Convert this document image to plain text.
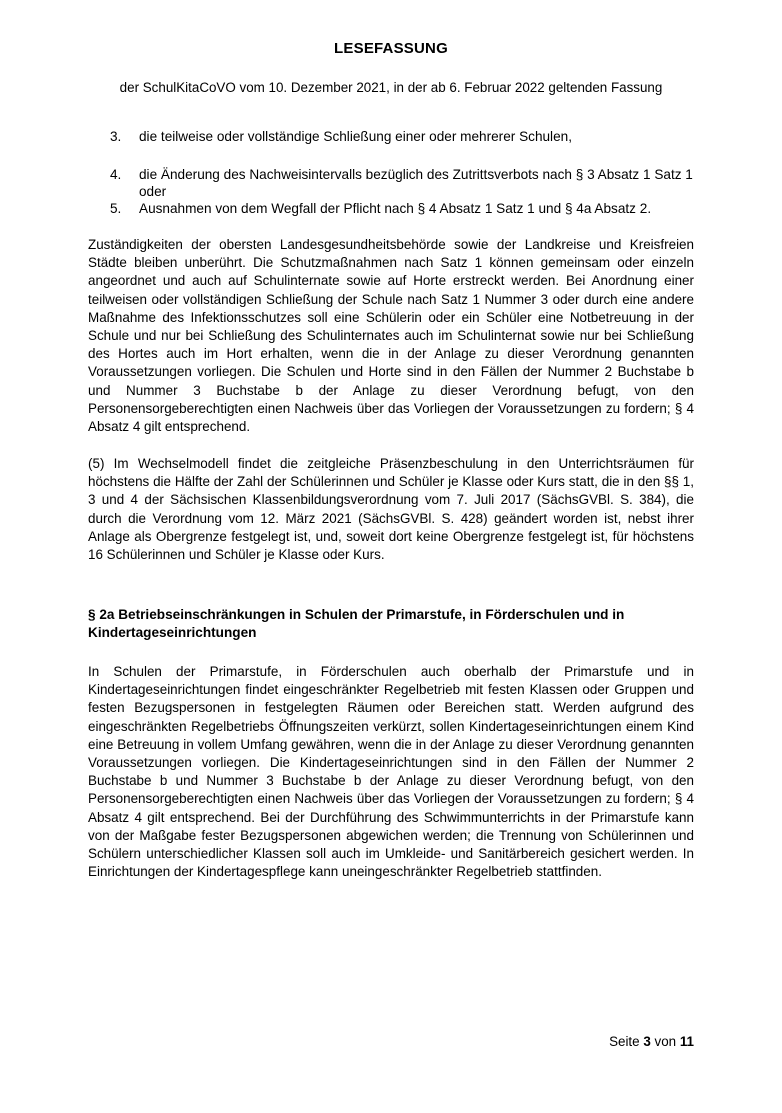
LESEFASSUNG
der SchulKitaCoVO vom 10. Dezember 2021, in der ab 6. Februar 2022 geltenden Fassung
3. die teilweise oder vollständige Schließung einer oder mehrerer Schulen,
4. die Änderung des Nachweisintervalls bezüglich des Zutrittsverbots nach § 3 Absatz 1 Satz 1 oder
5. Ausnahmen von dem Wegfall der Pflicht nach § 4 Absatz 1 Satz 1 und § 4a Absatz 2.

Zuständigkeiten der obersten Landesgesundheitsbehörde sowie der Landkreise und Kreisfreien Städte bleiben unberührt. Die Schutzmaßnahmen nach Satz 1 können gemeinsam oder einzeln angeordnet und auch auf Schulinternate sowie auf Horte erstreckt werden. Bei Anordnung einer teilweisen oder vollständigen Schließung der Schule nach Satz 1 Nummer 3 oder durch eine andere Maßnahme des Infektionsschutzes soll eine Schülerin oder ein Schüler eine Notbetreuung in der Schule und nur bei Schließung des Schulinternates auch im Schulinternat sowie nur bei Schließung des Hortes auch im Hort erhalten, wenn die in der Anlage zu dieser Verordnung genannten Voraussetzungen vorliegen. Die Schulen und Horte sind in den Fällen der Nummer 2 Buchstabe b und Nummer 3 Buchstabe b der Anlage zu dieser Verordnung befugt, von den Personensorgeberechtigten einen Nachweis über das Vorliegen der Voraussetzungen zu fordern; § 4 Absatz 4 gilt entsprechend.

(5) Im Wechselmodell findet die zeitgleiche Präsenzbeschulung in den Unterrichtsräumen für höchstens die Hälfte der Zahl der Schülerinnen und Schüler je Klasse oder Kurs statt, die in den §§ 1, 3 und 4 der Sächsischen Klassenbildungsverordnung vom 7. Juli 2017 (SächsGVBl. S. 384), die durch die Verordnung vom 12. März 2021 (SächsGVBl. S. 428) geändert worden ist, nebst ihrer Anlage als Obergrenze festgelegt ist, und, soweit dort keine Obergrenze festgelegt ist, für höchstens 16 Schülerinnen und Schüler je Klasse oder Kurs.

§ 2a Betriebseinschränkungen in Schulen der Primarstufe, in Förderschulen und in Kindertageseinrichtungen

In Schulen der Primarstufe, in Förderschulen auch oberhalb der Primarstufe und in Kindertageseinrichtungen findet eingeschränkter Regelbetrieb mit festen Klassen oder Gruppen und festen Bezugspersonen in festgelegten Räumen oder Bereichen statt. Werden aufgrund des eingeschränkten Regelbetriebs Öffnungszeiten verkürzt, sollen Kindertageseinrichtungen einem Kind eine Betreuung in vollem Umfang gewähren, wenn die in der Anlage zu dieser Verordnung genannten Voraussetzungen vorliegen. Die Kindertageseinrichtungen sind in den Fällen der Nummer 2 Buchstabe b und Nummer 3 Buchstabe b der Anlage zu dieser Verordnung befugt, von den Personensorgeberechtigten einen Nachweis über das Vorliegen der Voraussetzungen zu fordern; § 4 Absatz 4 gilt entsprechend. Bei der Durchführung des Schwimmunterrichts in der Primarstufe kann von der Maßgabe fester Bezugspersonen abgewichen werden; die Trennung von Schülerinnen und Schülern unterschiedlicher Klassen soll auch im Umkleide- und Sanitärbereich gesichert werden. In Einrichtungen der Kindertagespflege kann uneingeschränkter Regelbetrieb stattfinden.

Seite 3 von 11
